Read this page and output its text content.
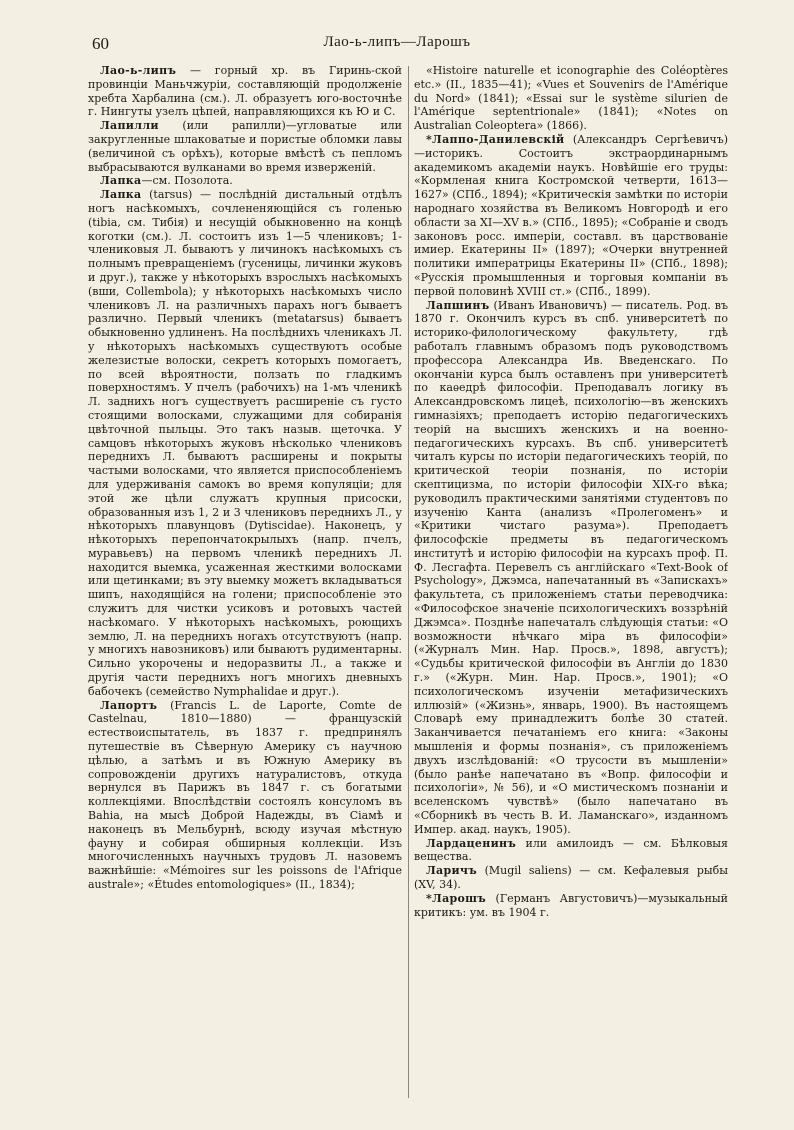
60	Лао-ь-липъ—Ларошъ

Лао-ь-липъ — горный хр. въ Гиринь-ской провинціи Маньчжуріи, составляющій продолженіе хребта Харбалина (см.). Л. образуетъ юго-восточнѣе г. Нингуты узелъ цѣпей, направляющихся къ Ю и С.

Лапилли (или рапилли)—угловатые или закругленные шлаковатые и пористые обломки лавы (величиной съ орѣхъ), которые вмѣстѣ съ пепломъ выбрасываются вулканами во время изверженій.

Лапка—см. Позолота.

Лапка (tarsus) — послѣдній дистальный отдѣлъ ногъ насѣкомыхъ, сочлененяющійся съ голенью (tibia, см. Тибія) и несущій обыкновенно на концѣ коготки (см.). Л. состоитъ изъ 1—5 члениковъ; 1-члениковыя Л. бываютъ у личинокъ насѣкомыхъ съ полнымъ превращеніемъ (гусеницы, личинки жуковъ и друг.), также у нѣкоторыхъ взрослыхъ насѣкомыхъ (вши, Collembola); у нѣкоторыхъ насѣкомыхъ число члениковъ Л. на различныхъ парахъ ногъ бываетъ различно. Первый членикъ (metatarsus) бываетъ обыкновенно удлиненъ. На послѣднихъ членикахъ Л. у нѣкоторыхъ насѣкомыхъ существуютъ особые железистые волоски, секретъ которыхъ помогаетъ, по всей вѣроятности, ползать по гладкимъ поверхностямъ. У пчелъ (рабочихъ) на 1-мъ членикѣ Л. заднихъ ногъ существуетъ расширеніе съ густо стоящими волосками, служащими для собиранія цвѣточной пыльцы. Это такъ назыв. щеточка. У самцовъ нѣкоторыхъ жуковъ нѣсколько члениковъ переднихъ Л. бываютъ расширены и покрыты частыми волосками, что является приспособленіемъ для удерживанія самокъ во время копуляціи; для этой же цѣли служатъ крупныя присоски, образованныя изъ 1, 2 и 3 члениковъ переднихъ Л., у нѣкоторыхъ плавунцовъ (Dytiscidae). Наконецъ, у нѣкоторыхъ перепончатокрылыхъ (напр. пчелъ, муравьевъ) на первомъ членикѣ переднихъ Л. находится выемка, усаженная жесткими волосками или щетинками; въ эту выемку можетъ вкладываться шипъ, находящійся на голени; приспособленіе это служитъ для чистки усиковъ и ротовыхъ частей насѣкомаго. У нѣкоторыхъ насѣкомыхъ, роющихъ землю, Л. на переднихъ ногахъ отсутствуютъ (напр. у многихъ навозниковъ) или бываютъ рудиментарны. Сильно укорочены и недоразвиты Л., а также и другія части переднихъ ногъ многихъ дневныхъ бабочекъ (семейство Nymphalidae и друг.).

Лапортъ (Francis L. de Laporte, Comte de Castelnau, 1810—1880) — французскій естествоиспытатель, въ 1837 г. предпринялъ путешествіе въ Сѣверную Америку съ научною цѣлью, а затѣмъ и въ Южную Америку въ сопровожденіи другихъ натуралистовъ, откуда вернулся въ Парижъ въ 1847 г. съ богатыми коллекціями. Впослѣдствіи состоялъ консуломъ въ Bahia, на мысѣ Доброй Надежды, въ Сіамѣ и наконецъ въ Мельбурнѣ, всюду изучая мѣстную фауну и собирая обширныя коллекціи. Изъ многочисленныхъ научныхъ трудовъ Л. назовемъ важнѣйшіе: «Mémoires sur les poissons de l'Afrique australe»; «Études entomologiques» (II., 1834);

«Histoire naturelle et iconographie des Coléoptères etc.» (II., 1835—41); «Vues et Souvenirs de l'Amérique du Nord» (1841); «Essai sur le système silurien de l'Amérique septentrionale» (1841); «Notes on Australian Coleoptera» (1866).

*Лаппо-Данилевскій (Александръ Сергѣевичъ)—историкъ. Состоитъ экстраординарнымъ академикомъ академіи наукъ. Новѣйшіе его труды: «Кормленая книга Костромской четверти, 1613—1627» (СПб., 1894); «Критическія замѣтки по исторіи народнаго хозяйства въ Великомъ Новгородѣ и его области за XI—XV в.» (СПб., 1895); «Собраніе и сводъ законовъ росс. имперіи, составл. въ царствованіе имиер. Екатерины II» (1897); «Очерки внутренней политики императрицы Екатерины II» (СПб., 1898); «Русскія промышленныя и торговыя компаніи въ первой половинѣ XVIII ст.» (СПб., 1899).

Лапшинъ (Иванъ Ивановичъ) — писатель. Род. въ 1870 г. Окончилъ курсъ въ спб. университетѣ по историко-филологическому факультету, гдѣ работалъ главнымъ образомъ подъ руководствомъ профессора Александра Ив. Введенскаго. По окончаніи курса былъ оставленъ при университетѣ по каѳедрѣ философіи. Преподавалъ логику въ Александровскомъ лицеѣ, психологію—въ женскихъ гимназіяхъ; преподаетъ исторію педагогическихъ теорій на высшихъ женскихъ и на военно-педагогическихъ курсахъ. Въ спб. университетѣ читалъ курсы по исторіи педагогическихъ теорій, по критической теоріи познанія, по исторіи скептицизма, по исторіи философіи XIX-го вѣка; руководилъ практическими занятіями студентовъ по изученію Канта (анализъ «Пролегоменъ» и «Критики чистаго разума»). Преподаетъ философскіе предметы въ педагогическомъ институтѣ и исторію философіи на курсахъ проф. П. Ф. Лесгафта. Перевелъ съ англійскаго «Text-Book of Psychology», Джэмса, напечатанный въ «Запискахъ» факультета, съ приложеніемъ статьи переводчика: «Философское значеніе психологическихъ воззрѣній Джэмса». Позднѣе напечаталъ слѣдующія статьи: «О возможности нѣчкаго міра въ философіи» («Журналъ Мин. Нар. Просв.», 1898, августъ); «Судьбы критической философіи въ Англіи до 1830 г.» («Журн. Мин. Нар. Просв.», 1901); «О психологическомъ изученіи метафизическихъ иллюзій» («Жизнь», январь, 1900). Въ настоящемъ Словарѣ ему принадлежитъ болѣе 30 статей. Заканчивается печатаніемъ его книга: «Законы мышленія и формы познанія», съ приложеніемъ двухъ изслѣдованій: «О трусости въ мышленіи» (было ранѣе напечатано въ «Вопр. философіи и психологіи», № 56), и «О мистическомъ познаніи и вселенскомъ чувствѣ» (было напечатано въ «Сборникѣ въ честь В. И. Ламанскаго», изданномъ Импер. акад. наукъ, 1905).

Лардаценинъ или амилоидъ — см. Бѣлковыя вещества.

Ларичъ (Mugil saliens) — см. Кефалевыя рыбы (XV, 34).

*Ларошъ (Германъ Августовичъ)—музыкальный критикъ: ум. въ 1904 г.
